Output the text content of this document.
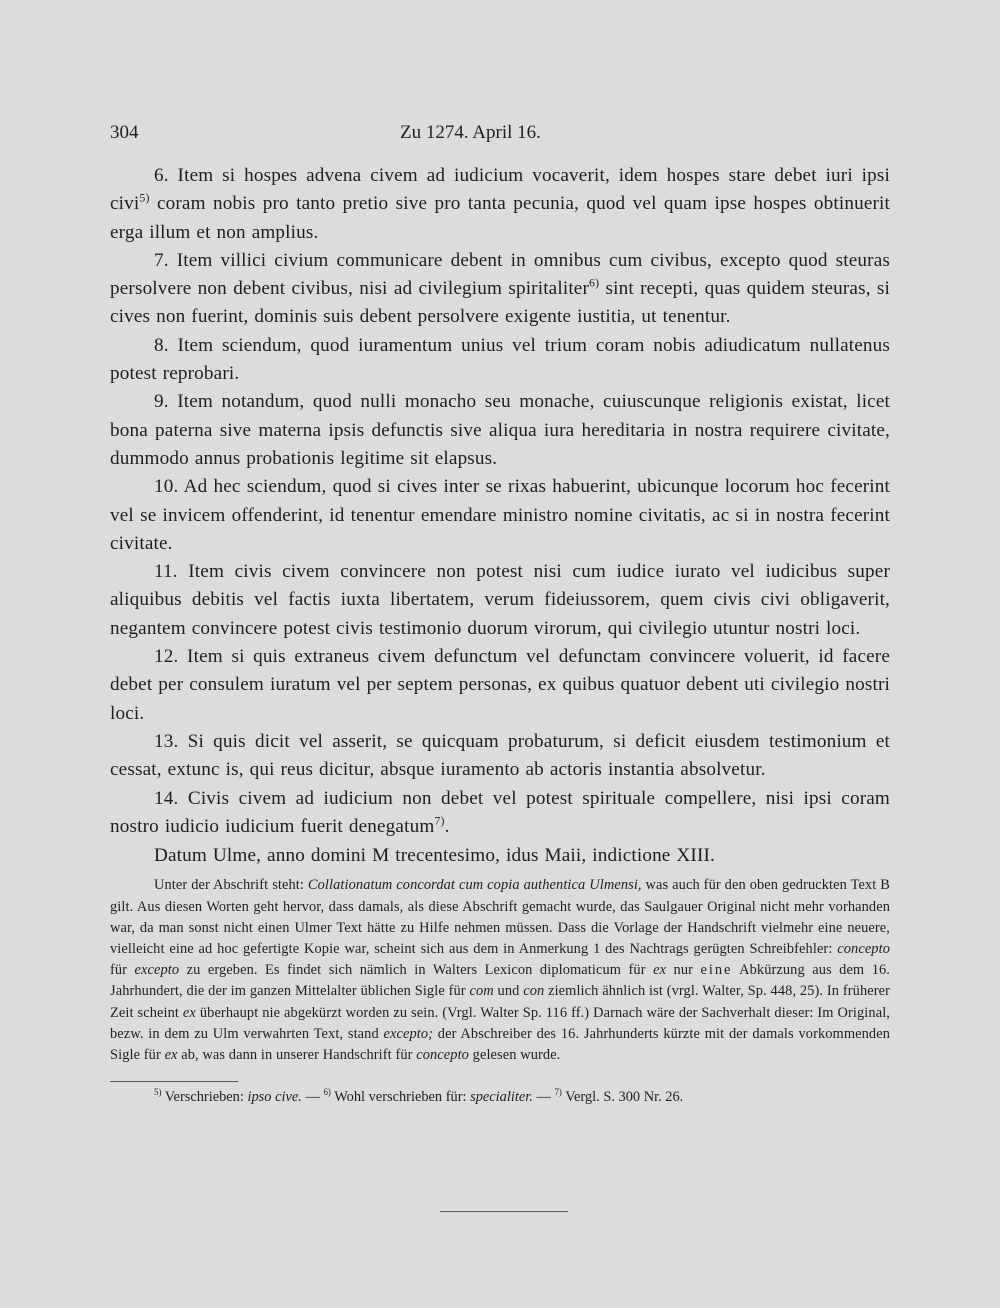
304	Zu 1274. April 16.

6. Item si hospes advena civem ad iudicium vocaverit, idem hospes stare debet iuri ipsi civi$^{5)}$ coram nobis pro tanto pretio sive pro tanta pecunia, quod vel quam ipse hospes obtinuerit erga illum et non amplius.

7. Item villici civium communicare debent in omnibus cum civibus, excepto quod steuras persolvere non debent civibus, nisi ad civilegium spiritaliter$^{6)}$ sint recepti, quas quidem steuras, si cives non fuerint, dominis suis debent persolvere exigente iustitia, ut tenentur.

8. Item sciendum, quod iuramentum unius vel trium coram nobis adiudicatum nullatenus potest reprobari.

9. Item notandum, quod nulli monacho seu monache, cuiuscunque religionis existat, licet bona paterna sive materna ipsis defunctis sive aliqua iura hereditaria in nostra requirere civitate, dummodo annus probationis legitime sit elapsus.

10. Ad hec sciendum, quod si cives inter se rixas habuerint, ubicunque locorum hoc fecerint vel se invicem offenderint, id tenentur emendare ministro nomine civitatis, ac si in nostra fecerint civitate.

11. Item civis civem convincere non potest nisi cum iudice iurato vel iudicibus super aliquibus debitis vel factis iuxta libertatem, verum fideiussorem, quem civis civi obligaverit, negantem convincere potest civis testimonio duorum virorum, qui civilegio utuntur nostri loci.

12. Item si quis extraneus civem defunctum vel defunctam convincere voluerit, id facere debet per consulem iuratum vel per septem personas, ex quibus quatuor debent uti civilegio nostri loci.

13. Si quis dicit vel asserit, se quicquam probaturum, si deficit eiusdem testimonium et cessat, extunc is, qui reus dicitur, absque iuramento ab actoris instantia absolvetur.

14. Civis civem ad iudicium non debet vel potest spirituale compellere, nisi ipsi coram nostro iudicio iudicium fuerit denegatum$^{7)}$.

Datum Ulme, anno domini M trecentesimo, idus Maii, indictione XIII.

Unter der Abschrift steht: Collationatum concordat cum copia authentica Ulmensi, was auch für den oben gedruckten Text B gilt. Aus diesen Worten geht hervor, dass damals, als diese Abschrift gemacht wurde, das Saulgauer Original nicht mehr vorhanden war, da man sonst nicht einen Ulmer Text hätte zu Hilfe nehmen müssen. Dass die Vorlage der Handschrift vielmehr eine neuere, vielleicht eine ad hoc gefertigte Kopie war, scheint sich aus dem in Anmerkung 1 des Nachtrags gerügten Schreibfehler: concepto für excepto zu ergeben. Es findet sich nämlich in Walters Lexicon diplomaticum für ex nur eine Abkürzung aus dem 16. Jahrhundert, die der im ganzen Mittelalter üblichen Sigle für com und con ziemlich ähnlich ist (vrgl. Walter, Sp. 448, 25). In früherer Zeit scheint ex überhaupt nie abgekürzt worden zu sein. (Vrgl. Walter Sp. 116 ff.) Darnach wäre der Sachverhalt dieser: Im Original, bezw. in dem zu Ulm verwahrten Text, stand excepto; der Abschreiber des 16. Jahrhunderts kürzte mit der damals vorkommenden Sigle für ex ab, was dann in unserer Handschrift für concepto gelesen wurde.

$^{5)}$ Verschrieben: ipso cive. — $^{6)}$ Wohl verschrieben für: specialiter. — $^{7)}$ Vergl. S. 300 Nr. 26.
